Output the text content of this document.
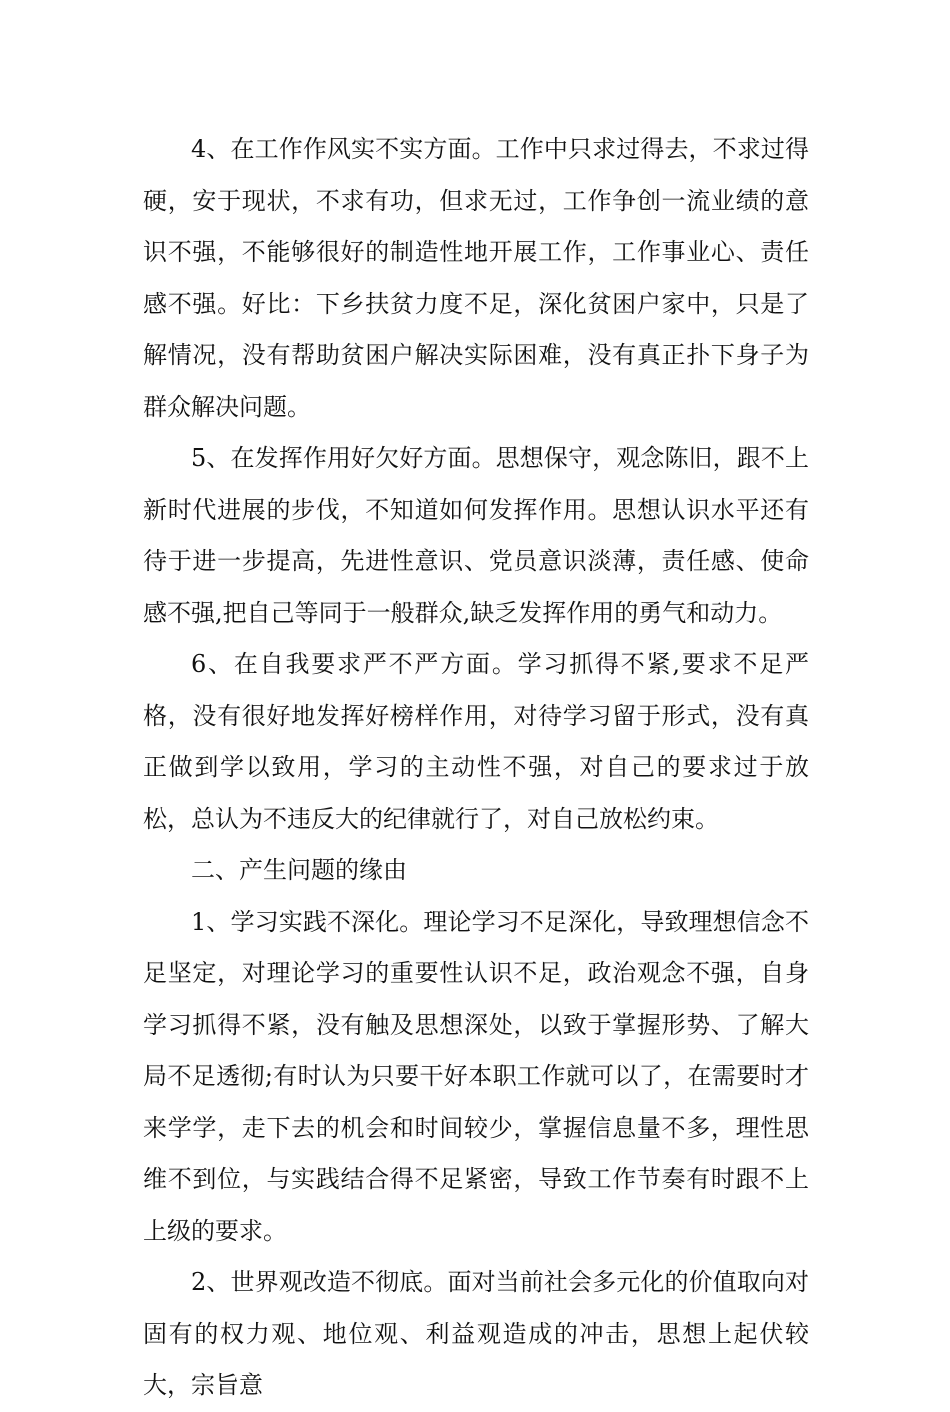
4、在工作作风实不实方面。工作中只求过得去，不求过得硬，安于现状，不求有功，但求无过，工作争创一流业绩的意识不强，不能够很好的制造性地开展工作，工作事业心、责任感不强。好比：下乡扶贫力度不足，深化贫困户家中，只是了解情况，没有帮助贫困户解决实际困难，没有真正扑下身子为群众解决问题。

5、在发挥作用好欠好方面。思想保守，观念陈旧，跟不上新时代进展的步伐，不知道如何发挥作用。思想认识水平还有待于进一步提高，先进性意识、党员意识淡薄，责任感、使命感不强,把自己等同于一般群众,缺乏发挥作用的勇气和动力。

6、在自我要求严不严方面。学习抓得不紧,要求不足严格，没有很好地发挥好榜样作用，对待学习留于形式，没有真正做到学以致用，学习的主动性不强，对自己的要求过于放松，总认为不违反大的纪律就行了，对自己放松约束。

二、产生问题的缘由

1、学习实践不深化。理论学习不足深化，导致理想信念不足坚定，对理论学习的重要性认识不足，政治观念不强，自身学习抓得不紧，没有触及思想深处，以致于掌握形势、了解大局不足透彻;有时认为只要干好本职工作就可以了，在需要时才来学学，走下去的机会和时间较少，掌握信息量不多，理性思维不到位，与实践结合得不足紧密，导致工作节奏有时跟不上上级的要求。

2、世界观改造不彻底。面对当前社会多元化的价值取向对固有的权力观、地位观、利益观造成的冲击，思想上起伏较大，宗旨意
